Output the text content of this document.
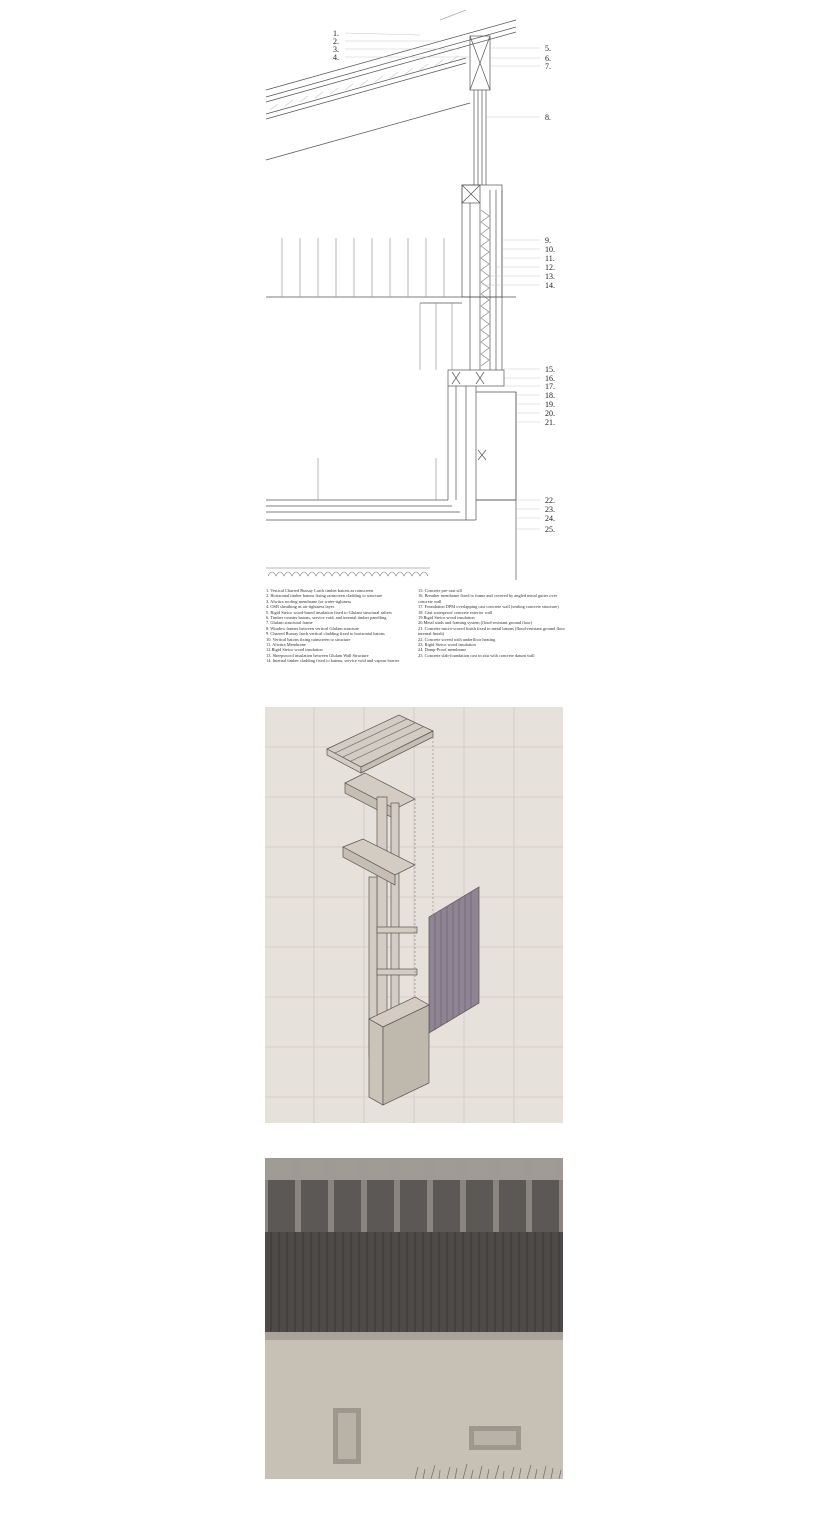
1.
2.
3.
4.
5.
6.
7.
8.
9.
10.
11.
12.
13.
14.
15.
16.
17.
18.
19.
20.
21.
22.
23.
24.
25.
1. Vertical Charred Russay Larch timber batons as rainscreen
2. Horizontal timber batons fixing rainscreen cladding to structure
3. Alwitra roofing membrane for water-tightness
4. OSB sheathing as air-tightness layer
5. Rigid Steico wood-based insulation fixed to Glulam structural rafters
6. Timber counter batons, service void, and internal timber panelling
7. Glulam structural frame
8. Window frames between vertical Glulam structure
9. Charred Russay larch vertical cladding fixed to horizontal batons
10. Vertical batons fixing rainscreen to structure
11. Alwitra Membrane
12.Rigid Steico wood insulation
13. Sheepswool insulation between Glulam Wall Structure
14. Internal timber cladding fixed to batons, service void and vapour barrier
15. Concrete pre-cast sill
16. Breather membrane fixed to frame and covered by angled metal gutter over concrete wall
17. Foundation DPM overlapping cast concrete wall (sealing concrete structure)
18. Cast waterproof concrete exterior wall
19.Rigid Steico wood insulation
20.Metal studs and framing system (flood-resistant ground floor)
21. Concrete micro-scored finish fixed to metal batons (flood-resistant ground floor internal finish)
22. Concrete screed with underfloor heating
23. Rigid Steico wood insulation
24. Damp-Proof membrane
25. Concrete slab-foundation cast in situ with concrete datum wall
